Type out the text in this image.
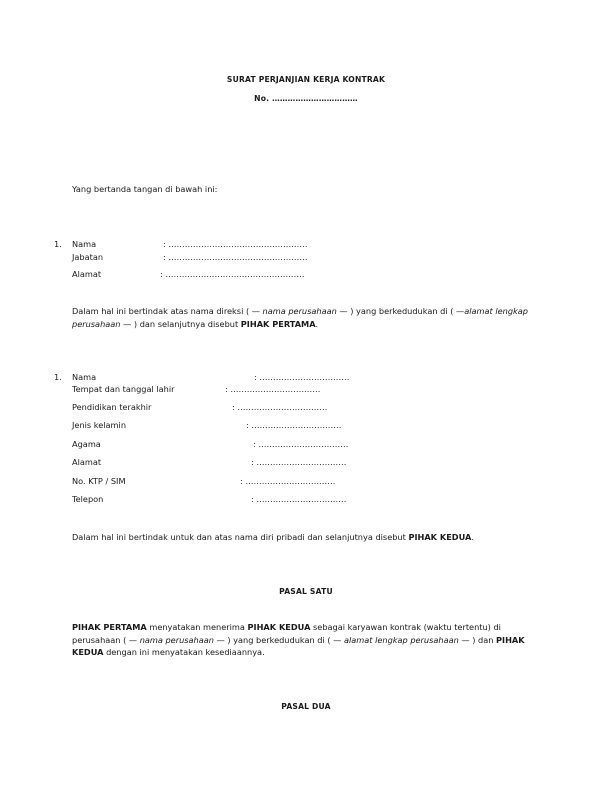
SURAT PERJANJIAN KERJA KONTRAK
No. ……………………………
Yang bertanda tangan di bawah ini:
1. Nama	: ……………………………………………
Jabatan	: ……………………………………………
Alamat	: ……………………………………………
Dalam hal ini bertindak atas nama direksi ( — nama perusahaan — ) yang berkedudukan di ( —alamat lengkap perusahaan — ) dan selanjutnya disebut PIHAK PERTAMA.
1. Nama	: ……………………………
Tempat dan tanggal lahir	: ……………………………
Pendidikan terakhir	: ……………………………
Jenis kelamin	: ……………………………
Agama	: ……………………………
Alamat	: ……………………………
No. KTP / SIM	: ……………………………
Telepon	: ……………………………
Dalam hal ini bertindak untuk dan atas nama diri pribadi dan selanjutnya disebut PIHAK KEDUA.
PASAL SATU
PIHAK PERTAMA menyatakan menerima PIHAK KEDUA sebagai karyawan kontrak (waktu tertentu) di perusahaan ( — nama perusahaan — ) yang berkedudukan di ( — alamat lengkap perusahaan — ) dan PIHAK KEDUA dengan ini menyatakan kesediaannya.
PASAL DUA
